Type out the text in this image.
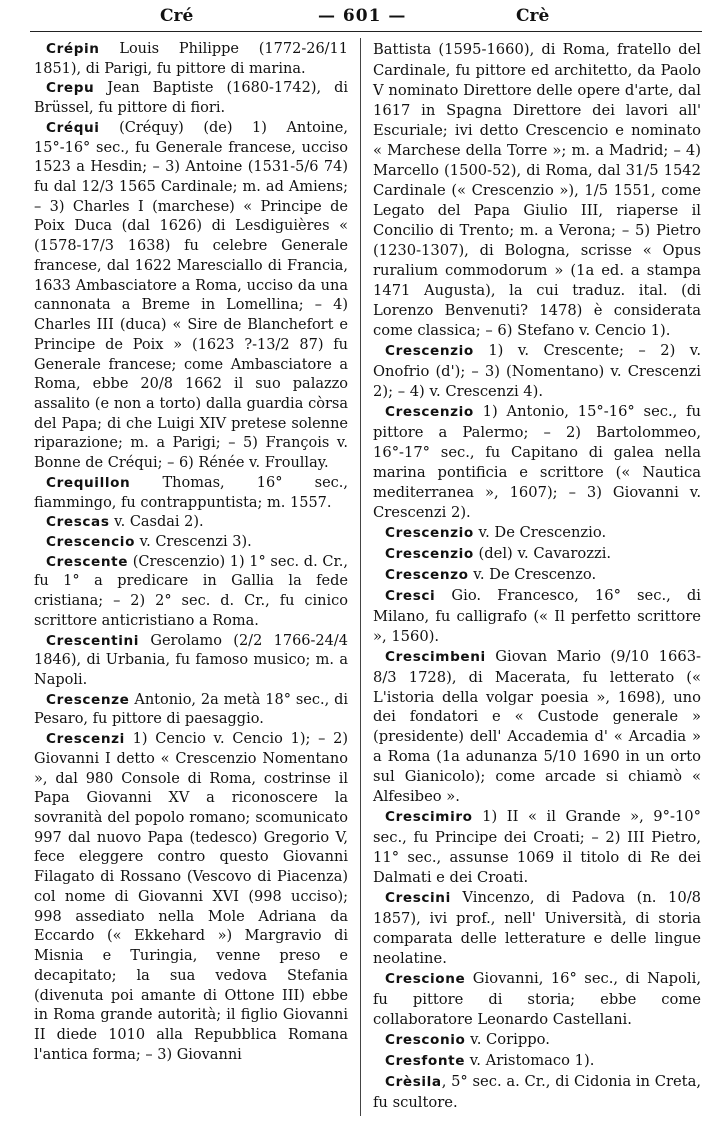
Cré	— 601 —	Crè

Crépin Louis Philippe (1772-26/11 1851), di Parigi, fu pittore di marina.

Crepu Jean Baptiste (1680-1742), di Brüssel, fu pittore di fiori.

Créqui (Créquy) (de) 1) Antoine, 15°-16° sec., fu Generale francese, ucciso 1523 a Hesdin; – 3) Antoine (1531-5/6 74) fu dal 12/3 1565 Cardinale; m. ad Amiens; – 3) Charles I (marchese) « Principe de Poix Duca (dal 1626) di Lesdiguières « (1578-17/3 1638) fu celebre Generale francese, dal 1622 Maresciallo di Francia, 1633 Ambasciatore a Roma, ucciso da una cannonata a Breme in Lomellina; – 4) Charles III (duca) « Sire de Blanchefort e Principe de Poix » (1623 ?-13/2 87) fu Generale francese; come Ambasciatore a Roma, ebbe 20/8 1662 il suo palazzo assalito (e non a torto) dalla guardia còrsa del Papa; di che Luigi XIV pretese solenne riparazione; m. a Parigi; – 5) François v. Bonne de Créqui; – 6) Rénée v. Froullay.

Crequillon Thomas, 16° sec., fiammingo, fu contrappuntista; m. 1557.

Crescas v. Casdai 2).

Crescencio v. Crescenzi 3).

Crescente (Crescenzio) 1) 1° sec. d. Cr., fu 1° a predicare in Gallia la fede cristiana; – 2) 2° sec. d. Cr., fu cinico scrittore anticristiano a Roma.

Crescentini Gerolamo (2/2 1766-24/4 1846), di Urbania, fu famoso musico; m. a Napoli.

Crescenze Antonio, 2a metà 18° sec., di Pesaro, fu pittore di paesaggio.

Crescenzi 1) Cencio v. Cencio 1); – 2) Giovanni I detto « Crescenzio Nomentano », dal 980 Console di Roma, costrinse il Papa Giovanni XV a riconoscere la sovranità del popolo romano; scomunicato 997 dal nuovo Papa (tedesco) Gregorio V, fece eleggere contro questo Giovanni Filagato di Rossano (Vescovo di Piacenza) col nome di Giovanni XVI (998 ucciso); 998 assediato nella Mole Adriana da Eccardo (« Ekkehard ») Margravio di Misnia e Turingia, venne preso e decapitato; la sua vedova Stefania (divenuta poi amante di Ottone III) ebbe in Roma grande autorità; il figlio Giovanni II diede 1010 alla Repubblica Romana l'antica forma; – 3) Giovanni

Battista (1595-1660), di Roma, fratello del Cardinale, fu pittore ed architetto, da Paolo V nominato Direttore delle opere d'arte, dal 1617 in Spagna Direttore dei lavori all' Escuriale; ivi detto Crescencio e nominato « Marchese della Torre »; m. a Madrid; – 4) Marcello (1500-52), di Roma, dal 31/5 1542 Cardinale (« Crescenzio »), 1/5 1551, come Legato del Papa Giulio III, riaperse il Concilio di Trento; m. a Verona; – 5) Pietro (1230-1307), di Bologna, scrisse « Opus ruralium commodorum » (1a ed. a stampa 1471 Augusta), la cui traduz. ital. (di Lorenzo Benvenuti? 1478) è considerata come classica; – 6) Stefano v. Cencio 1).

Crescenzio 1) v. Crescente; – 2) v. Onofrio (d'); – 3) (Nomentano) v. Crescenzi 2); – 4) v. Crescenzi 4).

Crescenzio 1) Antonio, 15°-16° sec., fu pittore a Palermo; – 2) Bartolommeo, 16°-17° sec., fu Capitano di galea nella marina pontificia e scrittore (« Nautica mediterranea », 1607); – 3) Giovanni v. Crescenzi 2).

Crescenzio v. De Crescenzio.

Crescenzio (del) v. Cavarozzi.

Crescenzo v. De Crescenzo.

Cresci Gio. Francesco, 16° sec., di Milano, fu calligrafo (« Il perfetto scrittore », 1560).

Crescimbeni Giovan Mario (9/10 1663-8/3 1728), di Macerata, fu letterato (« L'istoria della volgar poesia », 1698), uno dei fondatori e « Custode generale » (presidente) dell' Accademia d' « Arcadia » a Roma (1a adunanza 5/10 1690 in un orto sul Gianicolo); come arcade si chiamò « Alfesibeo ».

Crescimiro 1) II « il Grande », 9°-10° sec., fu Principe dei Croati; – 2) III Pietro, 11° sec., assunse 1069 il titolo di Re dei Dalmati e dei Croati.

Crescini Vincenzo, di Padova (n. 10/8 1857), ivi prof., nell' Università, di storia comparata delle letterature e delle lingue neolatine.

Crescione Giovanni, 16° sec., di Napoli, fu pittore di storia; ebbe come collaboratore Leonardo Castellani.

Cresconio v. Corippo.

Cresfonte v. Aristomaco 1).

Crèsila, 5° sec. a. Cr., di Cidonia in Creta, fu scultore.
